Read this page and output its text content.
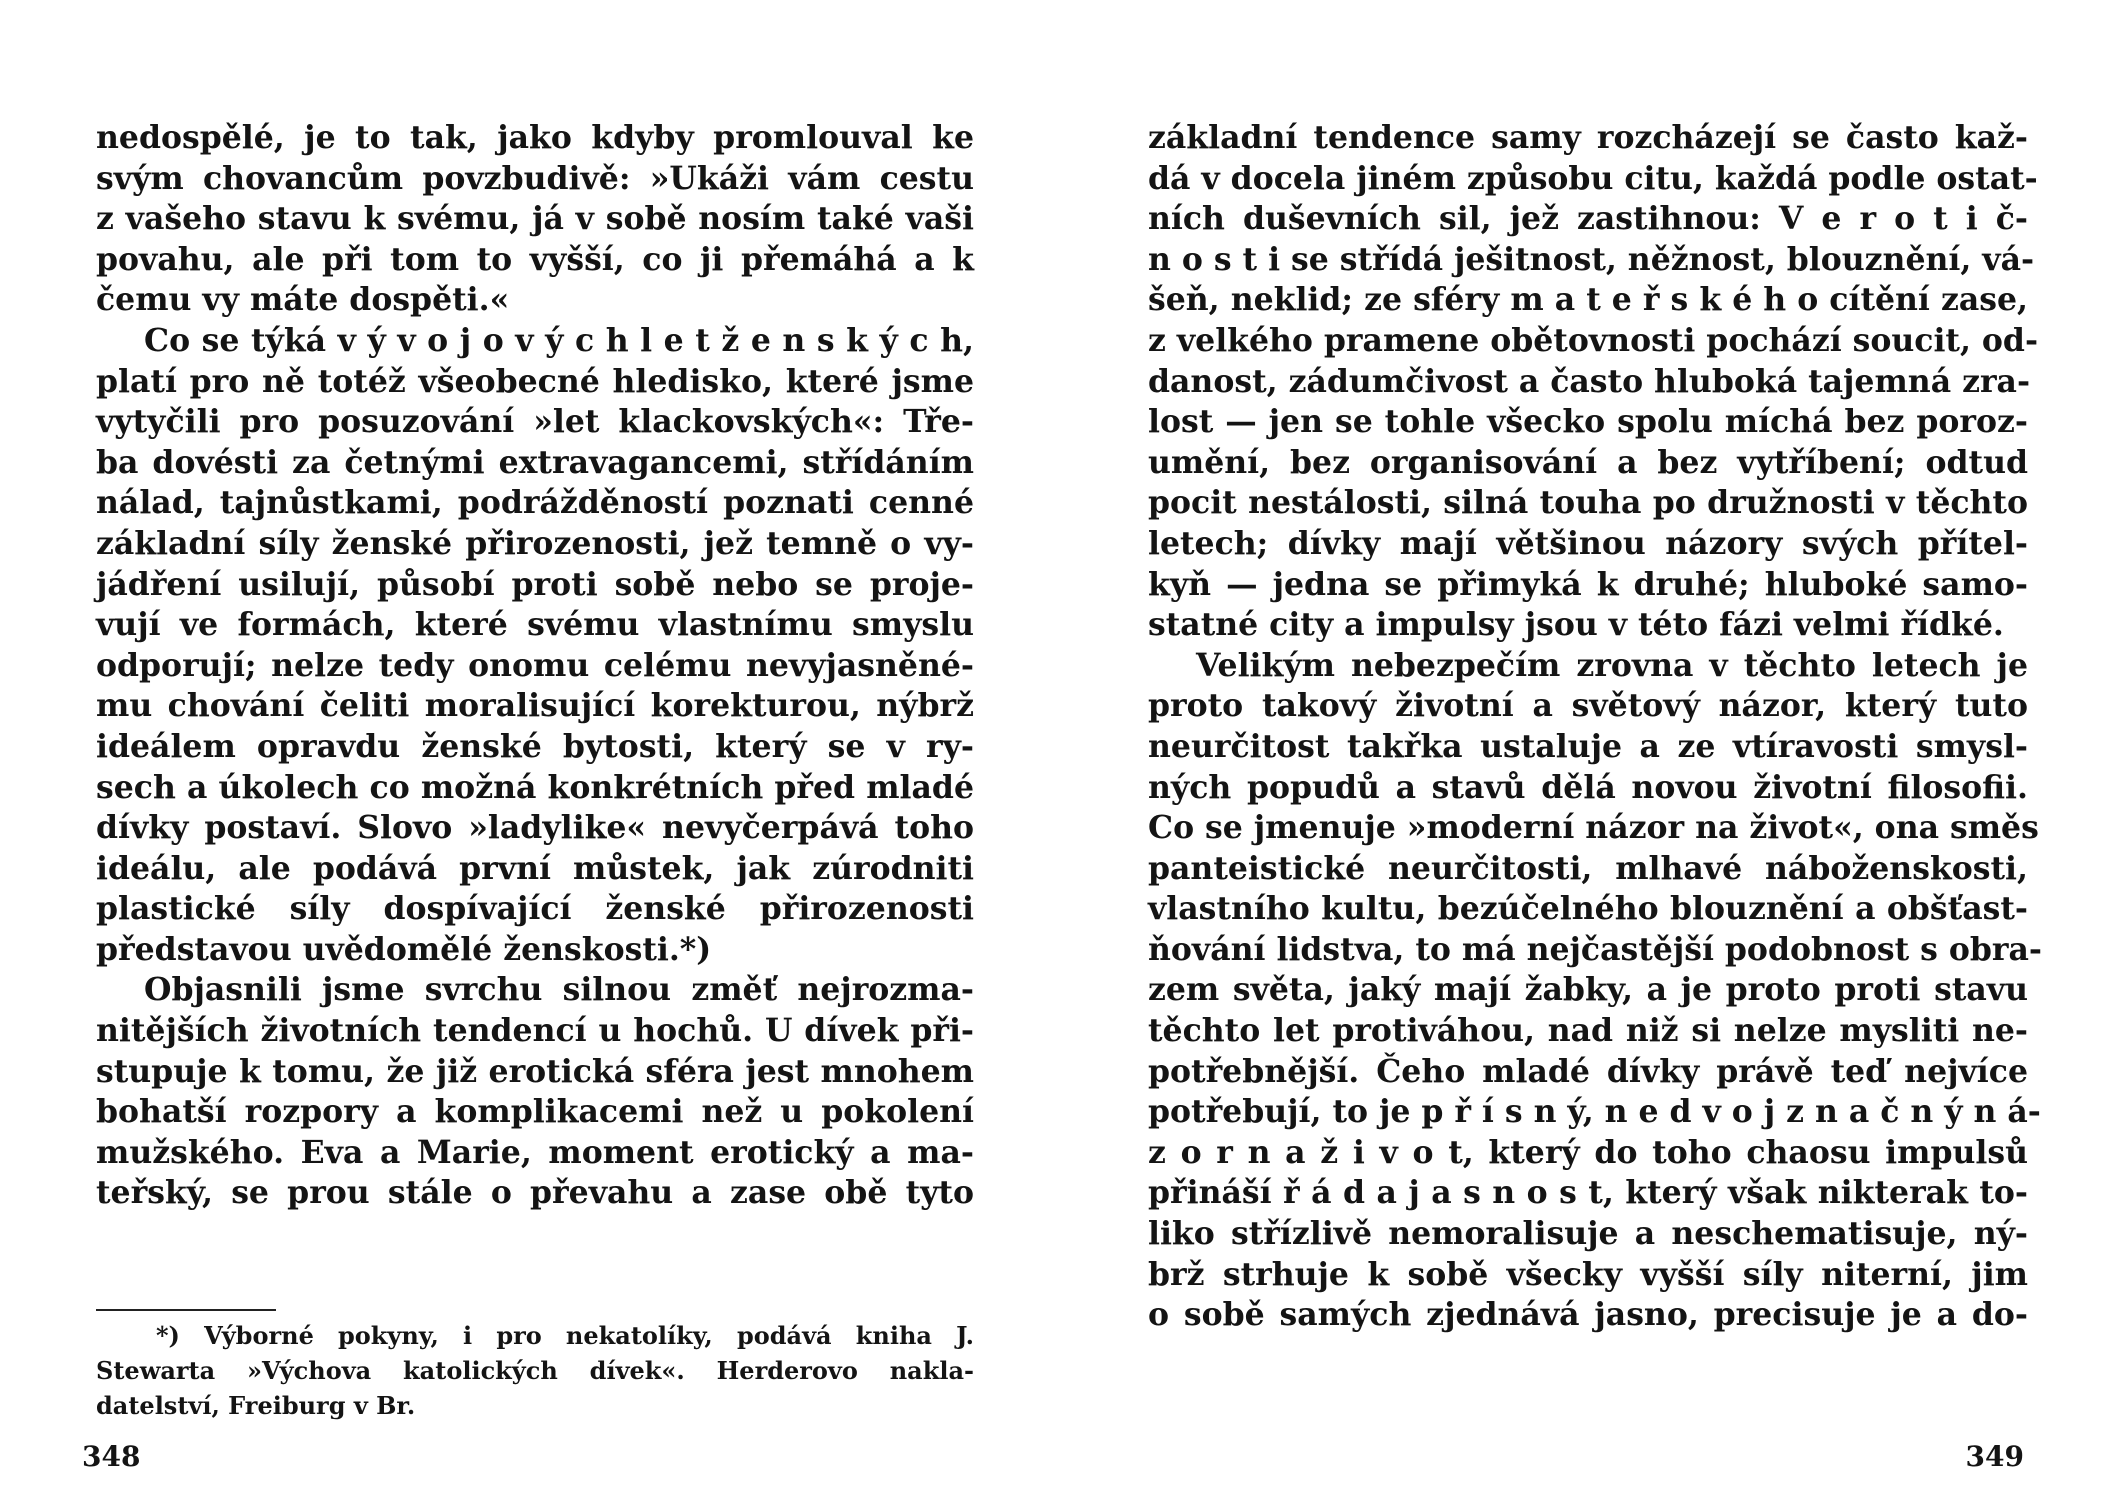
nedospělé, je to tak, jako kdyby promlouval ke
svým chovancům povzbudivě: »Ukáži vám cestu
z vašeho stavu k svému, já v sobě nosím také vaši
povahu, ale při tom to vyšší, co ji přemáhá a k
čemu vy máte dospěti.«
Co se týká v ý v o j o v ý c h l e t ž e n s k ý c h,
platí pro ně totéž všeobecné hledisko, které jsme
vytyčili pro posuzování »let klackovských«: Tře-
ba dovésti za četnými extravagancemi, střídáním
nálad, tajnůstkami, podrážděností poznati cenné
základní síly ženské přirozenosti, jež temně o vy-
jádření usilují, působí proti sobě nebo se proje-
vují ve formách, které svému vlastnímu smyslu
odporují; nelze tedy onomu celému nevyjasněné-
mu chování čeliti moralisující korekturou, nýbrž
ideálem opravdu ženské bytosti, který se v ry-
sech a úkolech co možná konkrétních před mladé
dívky postaví. Slovo »ladylike« nevyčerpává toho
ideálu, ale podává první můstek, jak zúrodniti
plastické síly dospívající ženské přirozenosti
představou uvědomělé ženskosti.*)
Objasnili jsme svrchu silnou změť nejrozma-
nitějších životních tendencí u hochů. U dívek při-
stupuje k tomu, že již erotická sféra jest mnohem
bohatší rozpory a komplikacemi než u pokolení
mužského. Eva a Marie, moment erotický a ma-
teřský, se prou stále o převahu a zase obě tyto
*) Výborné pokyny, i pro nekatolíky, podává kniha J.
Stewarta »Výchova katolických dívek«. Herderovo nakla-
datelství, Freiburg v Br.
348
základní tendence samy rozcházejí se často kaž-
dá v docela jiném způsobu citu, každá podle ostat-
ních duševních sil, jež zastihnou: V e r o t i č-
n o s t i se střídá ješitnost, něžnost, blouznění, vá-
šeň, neklid; ze sféry m a t e ř s k é h o cítění zase,
z velkého pramene obětovnosti pochází soucit, od-
danost, zádumčivost a často hluboká tajemná zra-
lost — jen se tohle všecko spolu míchá bez poroz-
umění, bez organisování a bez vytříbení; odtud
pocit nestálosti, silná touha po družnosti v těchto
letech; dívky mají většinou názory svých přítel-
kyň — jedna se přimyká k druhé; hluboké samo-
statné city a impulsy jsou v této fázi velmi řídké.
Velikým nebezpečím zrovna v těchto letech je
proto takový životní a světový názor, který tuto
neurčitost takřka ustaluje a ze vtíravosti smysl-
ných popudů a stavů dělá novou životní filosofii.
Co se jmenuje »moderní názor na život«, ona směs
panteistické neurčitosti, mlhavé nábožensko​sti,
vlastního kultu, bezúčelného blouznění a obšťast-
ňování lidstva, to má nejčastější podobnost s obra-
zem světa, jaký mají žabky, a je proto proti stavu
těchto let protiváhou, nad niž si nelze mysliti ne-
potřebnější. Čeho mladé dívky právě teď nejvíce
potřebují, to je p ř í s n ý, n e d v o j z n a č n ý n á-
z o r n a ž i v o t, který do toho chaosu impulsů
přináší ř á d a j a s n o s t, který však nikterak to-
liko střízlivě nemoralisuje a neschematisuje, ný-
brž strhuje k sobě všecky vyšší síly niterní, jim
o sobě samých zjednává jasno, precisuje je a do-
349
